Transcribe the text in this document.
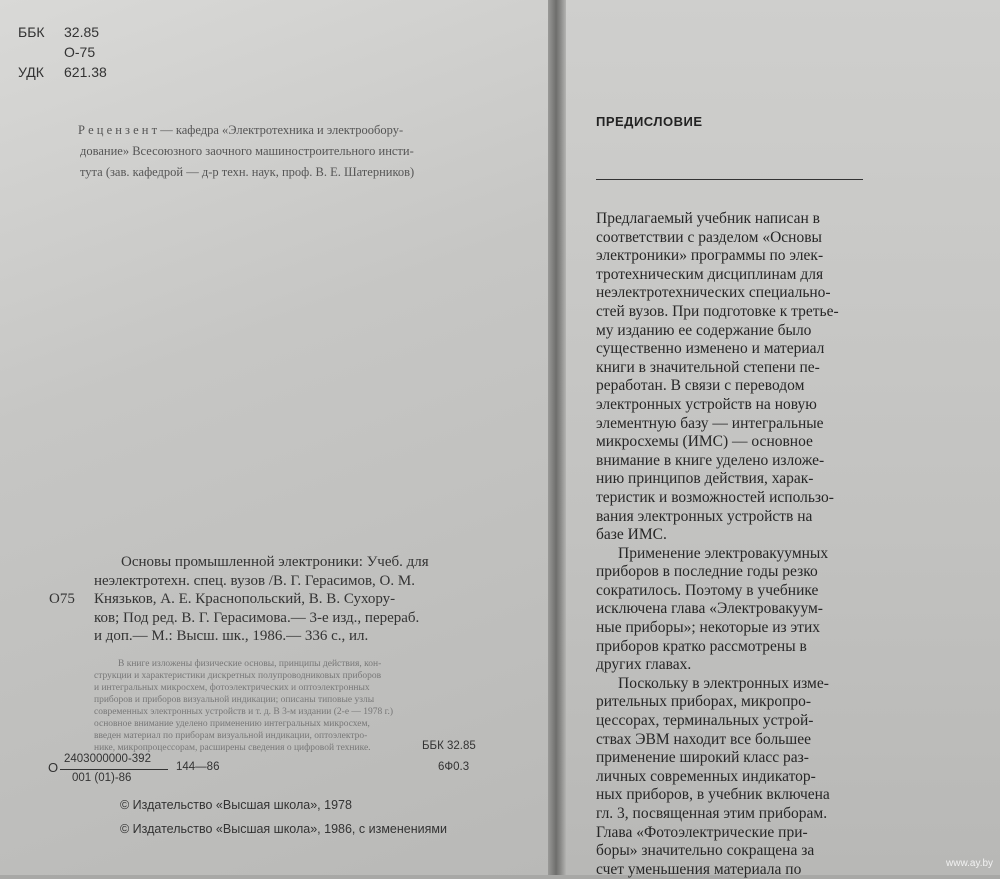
ББК 32.85
О-75
УДК 621.38
Р е ц е н з е н т — кафедра «Электротехника и электрообору-
дование» Всесоюзного заочного машиностроительного инсти-
тута (зав. кафедрой — д-р техн. наук, проф. В. Е. Шатерников)
О75
Основы промышленной электроники: Учеб. для
неэлектротехн. спец. вузов /В. Г. Герасимов, О. М.
Князьков, А. Е. Краснопольский, В. В. Сухору-
ков; Под ред. В. Г. Герасимова.— 3-е изд., перераб.
и доп.— М.: Высш. шк., 1986.— 336 с., ил.
В книге изложены физические основы, принципы действия, кон-
струкции и характеристики дискретных полупроводниковых приборов
и интегральных микросхем, фотоэлектрических и оптоэлектронных
приборов и приборов визуальной индикации; описаны типовые узлы
современных электронных устройств и т. д. В 3-м издании (2-е — 1978 г.)
основное внимание уделено применению интегральных микросхем,
введен материал по приборам визуальной индикации, оптоэлектро-
нике, микропроцессорам, расширены сведения о цифровой технике.	ББК 32.85
О
2403000000-392
001 (01)-86
144—86	6Ф0.3
© Издательство «Высшая школа», 1978
© Издательство «Высшая школа», 1986, с изменениями
ПРЕДИСЛОВИЕ
Предлагаемый учебник написан в
соответствии с разделом «Основы
электроники» программы по элек-
тротехническим дисциплинам для
неэлектротехнических специально-
стей вузов. При подготовке к третье-
му изданию ее содержание было
существенно изменено и материал
книги в значительной степени пе-
реработан. В связи с переводом
электронных устройств на новую
элементную базу — интегральные
микросхемы (ИМС) — основное
внимание в книге уделено изложе-
нию принципов действия, харак-
теристик и возможностей использо-
вания электронных устройств на
базе ИМС.
Применение электровакуумных
приборов в последние годы резко
сократилось. Поэтому в учебнике
исключена глава «Электровакуум-
ные приборы»; некоторые из этих
приборов кратко рассмотрены в
других главах.
Поскольку в электронных изме-
рительных приборах, микропро-
цессорах, терминальных устрой-
ствах ЭВМ находит все большее
применение широкий класс раз-
личных современных индикатор-
ных приборов, в учебник включена
гл. 3, посвященная этим приборам.
Глава «Фотоэлектрические при-
боры» значительно сокращена за
счет уменьшения материала по	www.ay.by
